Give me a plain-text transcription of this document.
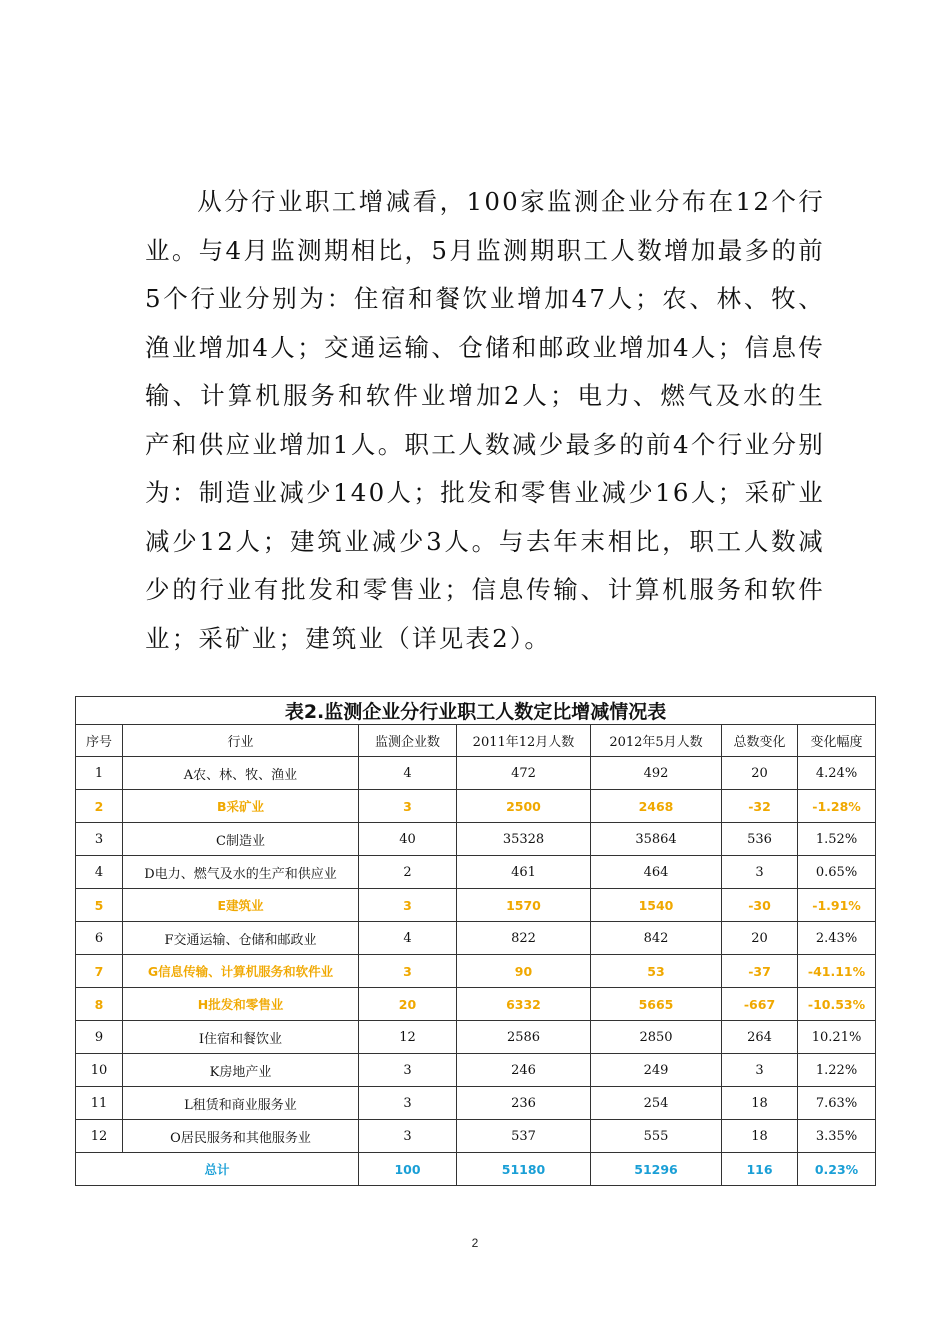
从分行业职工增减看，100家监测企业分布在12个行业。与4月监测期相比，5月监测期职工人数增加最多的前5个行业分别为：住宿和餐饮业增加47人；农、林、牧、渔业增加4人；交通运输、仓储和邮政业增加4人；信息传输、计算机服务和软件业增加2人；电力、燃气及水的生产和供应业增加1人。职工人数减少最多的前4个行业分别为：制造业减少140人；批发和零售业减少16人；采矿业减少12人；建筑业减少3人。与去年末相比，职工人数减少的行业有批发和零售业；信息传输、计算机服务和软件业；采矿业；建筑业（详见表2）。

表2.监测企业分行业职工人数定比增减情况表						
序号	行业	监测企业数	2011年12月人数	2012年5月人数	总数变化	变化幅度
1	A农、林、牧、渔业	4	472	492	20	4.24%
2	B采矿业	3	2500	2468	-32	-1.28%
3	C制造业	40	35328	35864	536	1.52%
4	D电力、燃气及水的生产和供应业	2	461	464	3	0.65%
5	E建筑业	3	1570	1540	-30	-1.91%
6	F交通运输、仓储和邮政业	4	822	842	20	2.43%
7	G信息传输、计算机服务和软件业	3	90	53	-37	-41.11%
8	H批发和零售业	20	6332	5665	-667	-10.53%
9	I住宿和餐饮业	12	2586	2850	264	10.21%
10	K房地产业	3	246	249	3	1.22%
11	L租赁和商业服务业	3	236	254	18	7.63%
12	O居民服务和其他服务业	3	537	555	18	3.35%
总计		100	51180	51296	116	0.23%
2
